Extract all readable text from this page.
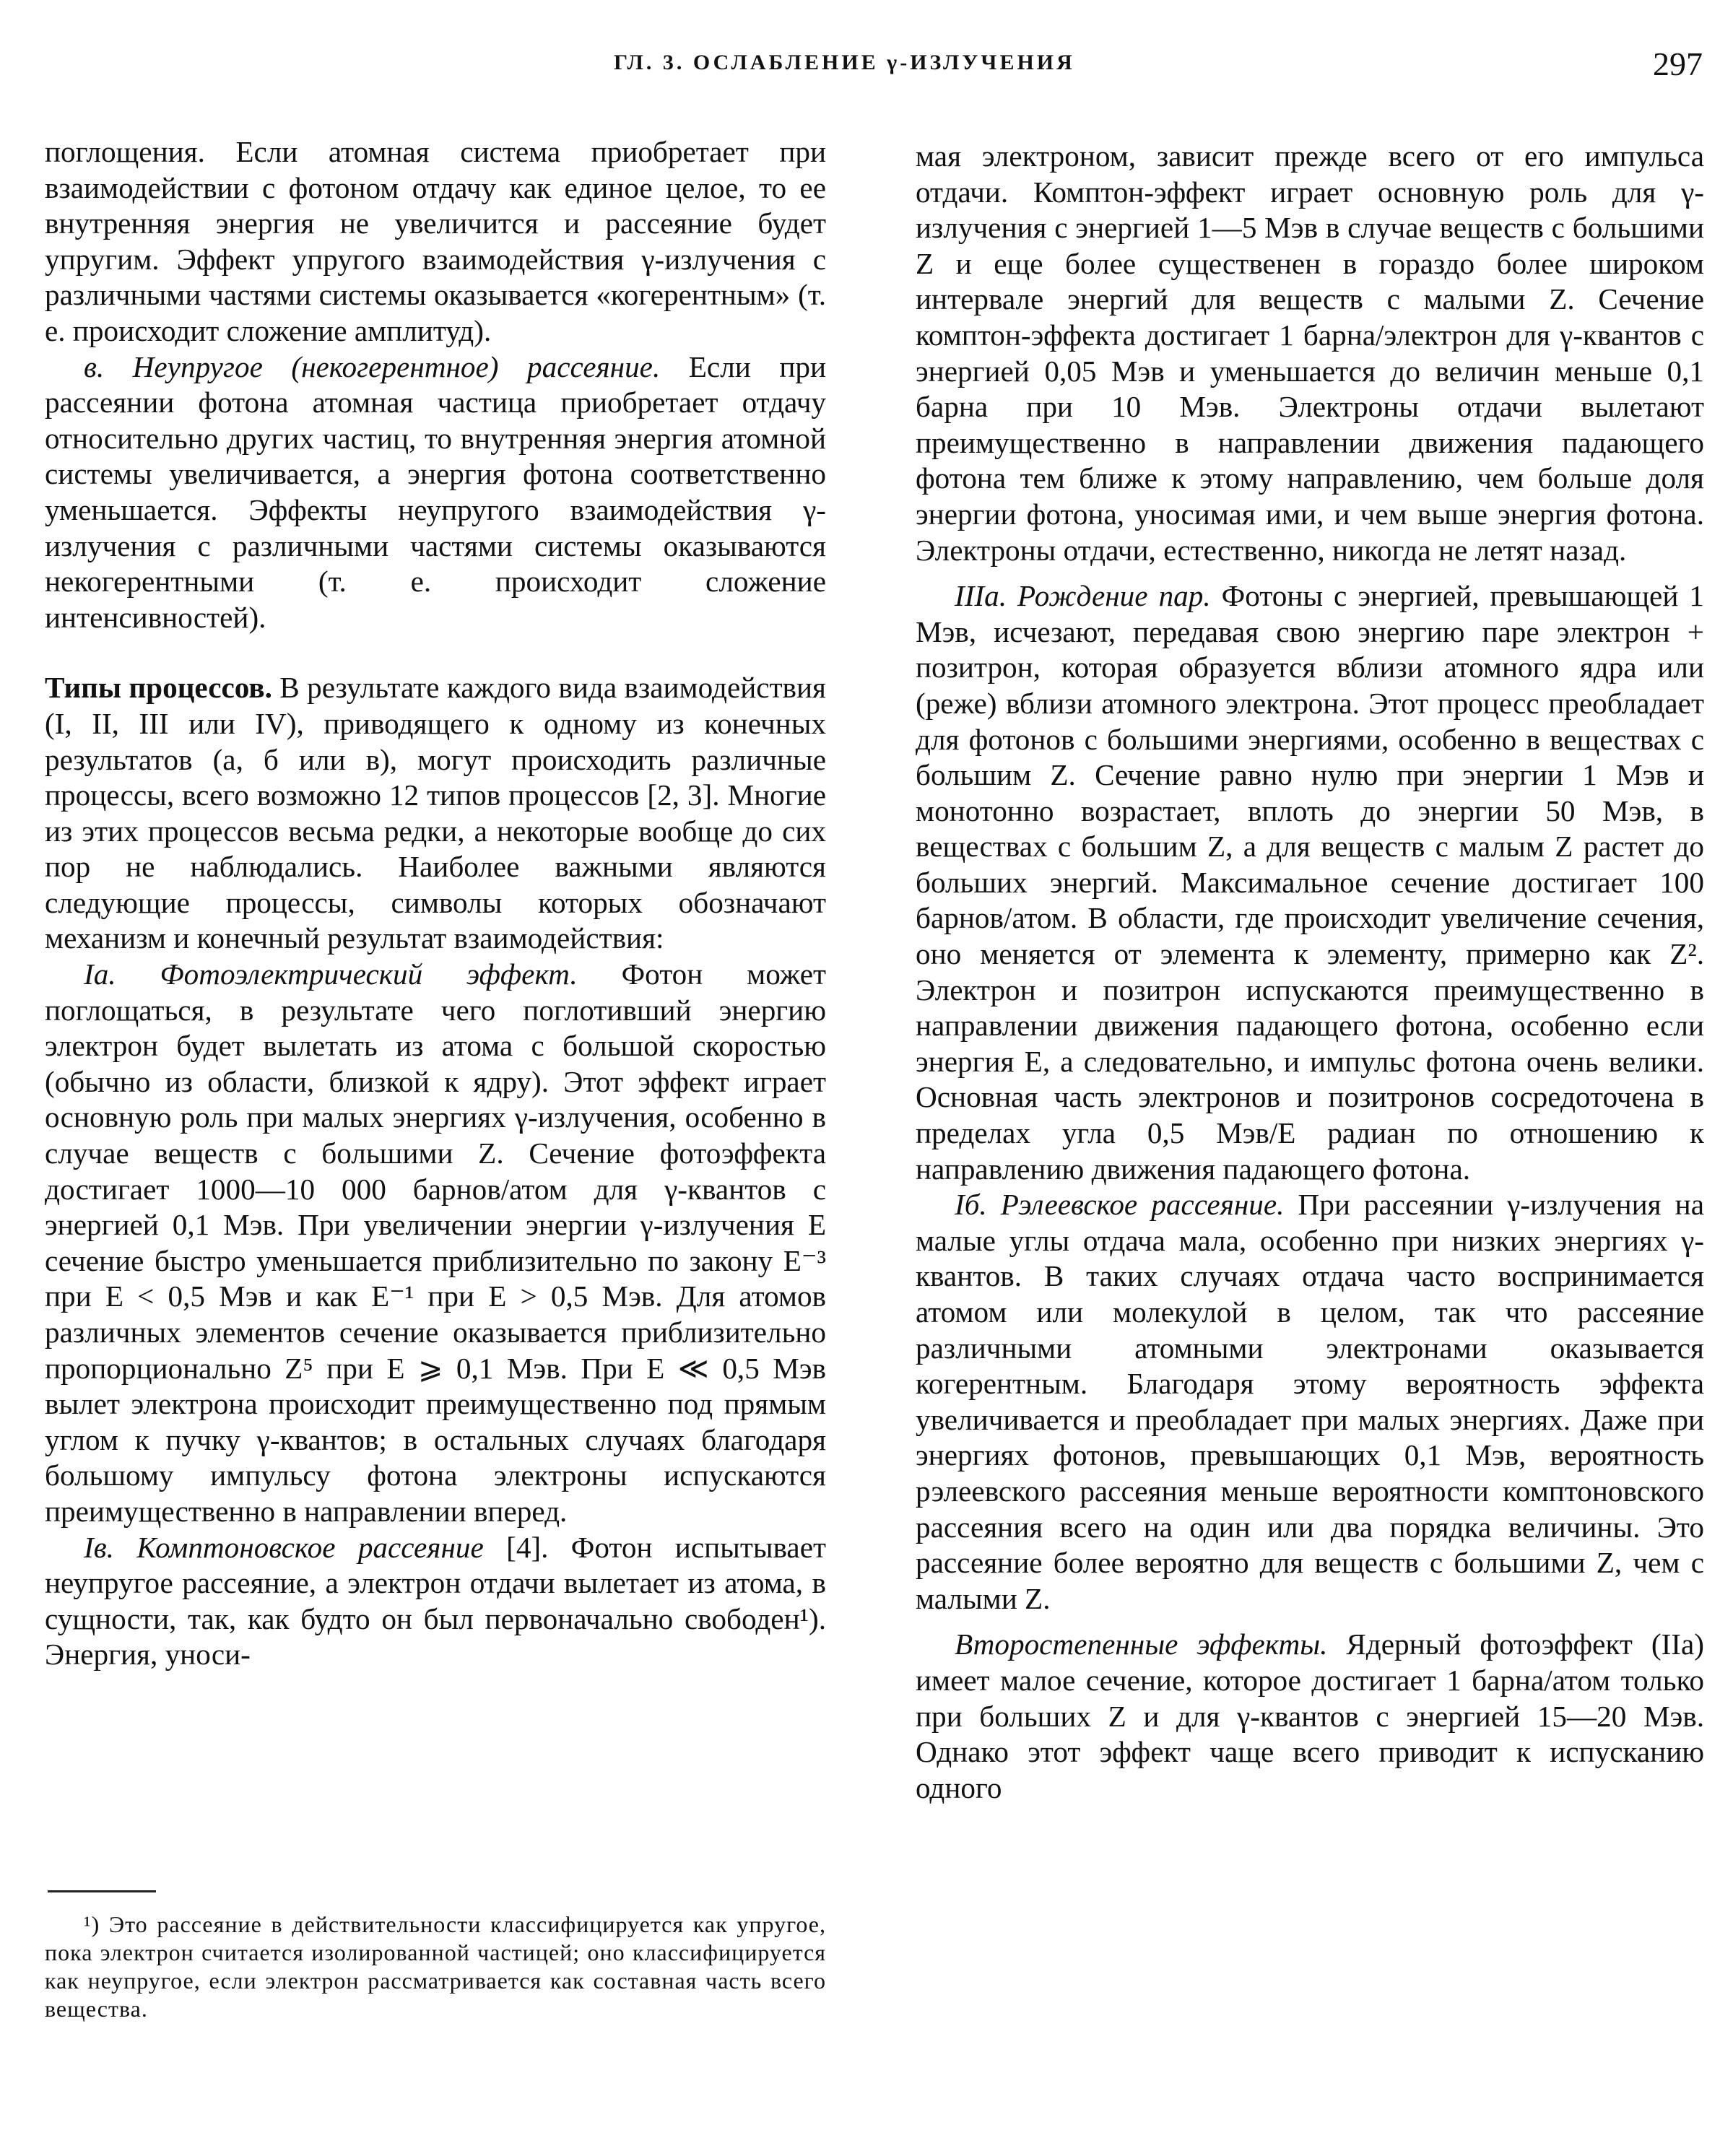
ГЛ. 3. ОСЛАБЛЕНИЕ γ-ИЗЛУЧЕНИЯ	297

поглощения. Если атомная система приобретает при взаимодействии с фотоном отдачу как единое целое, то ее внутренняя энергия не увеличится и рассеяние будет упругим. Эффект упругого взаимодействия γ-излучения с различными частями системы оказывается «когерентным» (т. е. происходит сложение амплитуд).

в. Неупругое (некогерентное) рассеяние. Если при рассеянии фотона атомная частица приобретает отдачу относительно других частиц, то внутренняя энергия атомной системы увеличивается, а энергия фотона соответственно уменьшается. Эффекты неупругого взаимодействия γ-излучения с различными частями системы оказываются некогерентными (т. е. происходит сложение интенсивностей).

Типы процессов. В результате каждого вида взаимодействия (I, II, III или IV), приводящего к одному из конечных результатов (а, б или в), могут происходить различные процессы, всего возможно 12 типов процессов [2, 3]. Многие из этих процессов весьма редки, а некоторые вообще до сих пор не наблюдались. Наиболее важными являются следующие процессы, символы которых обозначают механизм и конечный результат взаимодействия:

Iа. Фотоэлектрический эффект. Фотон может поглощаться, в результате чего поглотивший энергию электрон будет вылетать из атома с большой скоростью (обычно из области, близкой к ядру). Этот эффект играет основную роль при малых энергиях γ-излучения, особенно в случае веществ с большими Z. Сечение фотоэффекта достигает 1000—10 000 барнов/атом для γ-квантов с энергией 0,1 Мэв. При увеличении энергии γ-излучения E сечение быстро уменьшается приблизительно по закону E⁻³ при E < 0,5 Мэв и как E⁻¹ при E > 0,5 Мэв. Для атомов различных элементов сечение оказывается приблизительно пропорционально Z⁵ при E ⩾ 0,1 Мэв. При E ≪ 0,5 Мэв вылет электрона происходит преимущественно под прямым углом к пучку γ-квантов; в остальных случаях благодаря большому импульсу фотона электроны испускаются преимущественно в направлении вперед.

Iв. Комптоновское рассеяние [4]. Фотон испытывает неупругое рассеяние, а электрон отдачи вылетает из атома, в сущности, так, как будто он был первоначально свободен¹). Энергия, уноси-

¹) Это рассеяние в действительности классифицируется как упругое, пока электрон считается изолированной частицей; оно классифицируется как неупругое, если электрон рассматривается как составная часть всего вещества.

мая электроном, зависит прежде всего от его импульса отдачи. Комптон-эффект играет основную роль для γ-излучения с энергией 1—5 Мэв в случае веществ с большими Z и еще более существенен в гораздо более широком интервале энергий для веществ с малыми Z. Сечение комптон-эффекта достигает 1 барна/электрон для γ-квантов с энергией 0,05 Мэв и уменьшается до величин меньше 0,1 барна при 10 Мэв. Электроны отдачи вылетают преимущественно в направлении движения падающего фотона тем ближе к этому направлению, чем больше доля энергии фотона, уносимая ими, и чем выше энергия фотона. Электроны отдачи, естественно, никогда не летят назад.

IIIа. Рождение пар. Фотоны с энергией, превышающей 1 Мэв, исчезают, передавая свою энергию паре электрон + позитрон, которая образуется вблизи атомного ядра или (реже) вблизи атомного электрона. Этот процесс преобладает для фотонов с большими энергиями, особенно в веществах с большим Z. Сечение равно нулю при энергии 1 Мэв и монотонно возрастает, вплоть до энергии 50 Мэв, в веществах с большим Z, а для веществ с малым Z растет до больших энергий. Максимальное сечение достигает 100 барнов/атом. В области, где происходит увеличение сечения, оно меняется от элемента к элементу, примерно как Z². Электрон и позитрон испускаются преимущественно в направлении движения падающего фотона, особенно если энергия E, а следовательно, и импульс фотона очень велики. Основная часть электронов и позитронов сосредоточена в пределах угла 0,5 Мэв/E радиан по отношению к направлению движения падающего фотона.

Iб. Рэлеевское рассеяние. При рассеянии γ-излучения на малые углы отдача мала, особенно при низких энергиях γ-квантов. В таких случаях отдача часто воспринимается атомом или молекулой в целом, так что рассеяние различными атомными электронами оказывается когерентным. Благодаря этому вероятность эффекта увеличивается и преобладает при малых энергиях. Даже при энергиях фотонов, превышающих 0,1 Мэв, вероятность рэлеевского рассеяния меньше вероятности комптоновского рассеяния всего на один или два порядка величины. Это рассеяние более вероятно для веществ с большими Z, чем с малыми Z.

Второстепенные эффекты. Ядерный фотоэффект (IIа) имеет малое сечение, которое достигает 1 барна/атом только при больших Z и для γ-квантов с энергией 15—20 Мэв. Однако этот эффект чаще всего приводит к испусканию одного
